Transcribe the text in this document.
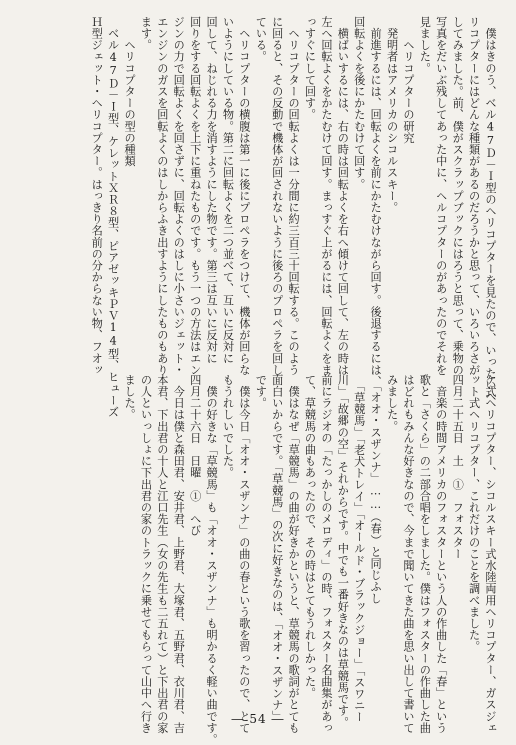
　僕はきのう、ベル47Ｄ－Ｉ型のヘリコプターを見たので、いったいヘ

リコプターにはどんな種類があるのだろうかと思って、いろいろさが

してみました。前、僕がスクラップブックにはろうと思って、乗物の

写真をだいぶ残してあった中に、ヘルコプターのがあったのでそれを

見ました。

　　ヘリコプターの研究

　発明者はアメリカのシコルスキー。

　前進するには、回転よくを前にかたむけながら回す。後退するには、

回転よくを後にかたむけて回す。

　横ばいするには、右の時は回転よくを右へ傾けて回して、左の時は

左へ回転よくをかたむけて回す。まっすぐ上がるには、回転よくをま

っすぐにして回す。

　ヘリコプターの回転よくは一分間に約三百三十回転する。このよう

に回ると、その反動で機体が回されないように後ろのプロペラを回し

ている。

　ヘリコプターの横腹は第一に後にプロペラをつけて、機体が回らな

いようにしている物。第二に回転よくを二つ並べて、互いに反対に

回して、ねじれる力を消すようにした物です。第三は互いに反対に

回りをする回転よくを上下に重ねたものです。もう一つの方法はエン

ジンの力で回転よくを回さずに、回転よくのはしに小さいジェット・

エンジンのガスを回転よくのはしからふき出すようにしたものもあり

ます。

　　ヘリコプターの型の種類

　ベル47Ｄ－Ｉ型、ケレットＸＲ８型、ピアゼッキＰＶ14型、ヒューズ

Ｈ型ジェット・ヘリコプター。はっきり名前の分からない物、フオッ

ケ式ヘリコプター、シコルスキー式水陸両用ヘリコプター、ガスジェ

ット式ヘリコプター、これだけのことを調べました。

四月二十五日　土　①　フォスター

　音楽の時間アメリカのフォスターという人の作曲した「春」という

歌と「さくら」の二部合唱をしました。僕はフォスターの作曲した曲

はどれもみんな好きなので、今まで聞いてきた曲を思い出して書いて

みました。

　「オオ・スザンナ」……（春）と同じふし

　「草競馬」「老犬トレイ」「オールド・ブラックジョー」「スワニー

川」「故郷の空」それからです。中でも一番好きなのは草競馬です。

前にラジオの「たっかしのメロディ」の時、フォスター名曲集があっ

て、草競馬の曲もあったので、その時はとてもうれしかった。

　僕はなぜ「草競馬」の曲が好きかというと、草競馬の歌詞がとても

面白いからです。「草競馬」の次に好きなのは、「オオ・スザンナ」

です。

　僕は今日「オオ・スザンナ」の曲の春という歌を習ったので、とて

もうれしいでした。

　僕の好きな「草競馬」も「オオ・スザンナ」も明かるく軽い曲です。

四月二十六日　日曜　①　へび

　今日は僕と森田君、安井君、上野君、大塚君、五野君、衣川君、吉

本君、下出君の十人と江口先生（女の先生も二五れて）と下出君の家

の人といっしょに下出君の家のトラックに乗せてもらって山中へ行き

ました。

― 54 ―
